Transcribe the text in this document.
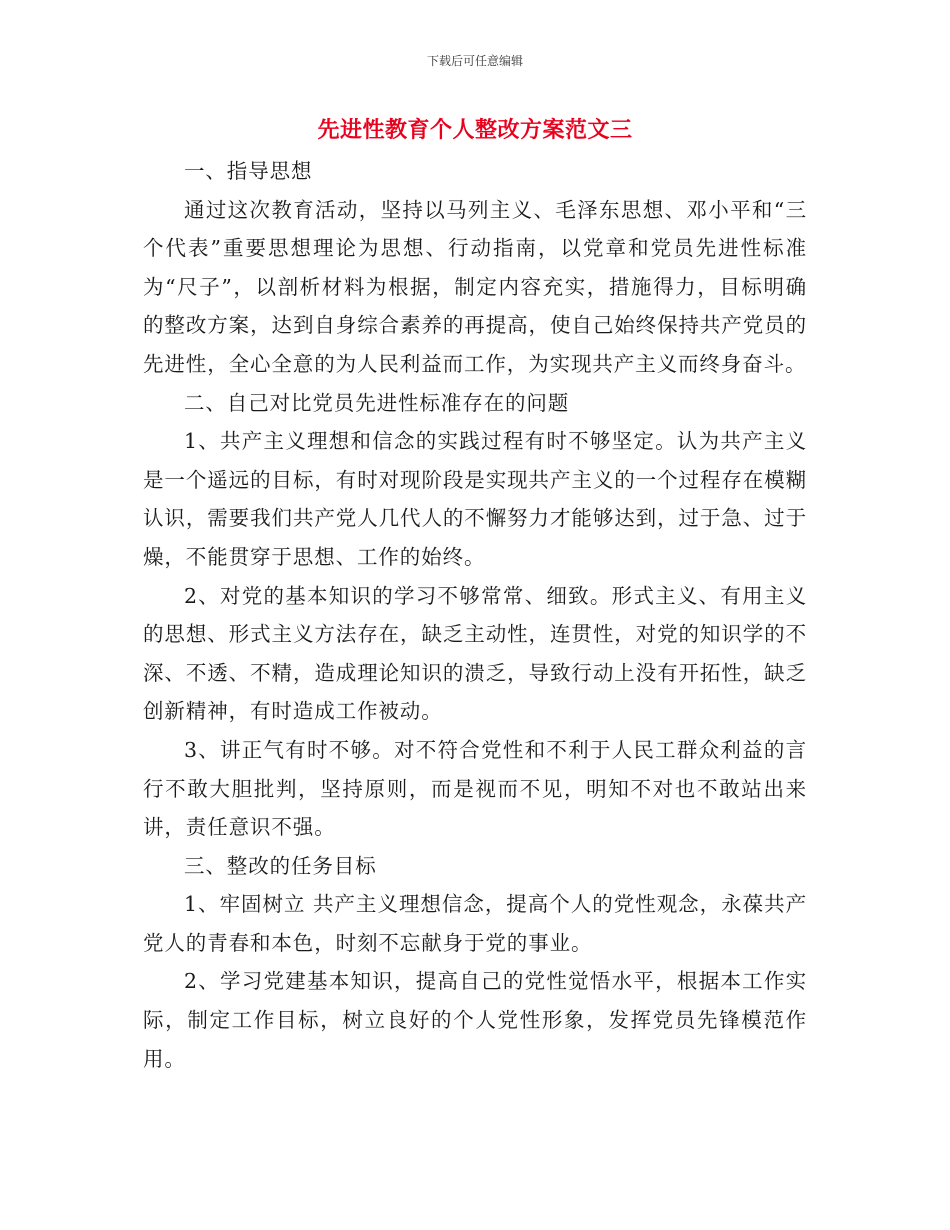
下载后可任意编辑
先进性教育个人整改方案范文三

一、指导思想

通过这次教育活动，坚持以马列主义、毛泽东思想、邓小平和“三个代表”重要思想理论为思想、行动指南，以党章和党员先进性标准为“尺子”，以剖析材料为根据，制定内容充实，措施得力，目标明确的整改方案，达到自身综合素养的再提高，使自己始终保持共产党员的先进性，全心全意的为人民利益而工作，为实现共产主义而终身奋斗。

二、自己对比党员先进性标准存在的问题

1、共产主义理想和信念的实践过程有时不够坚定。认为共产主义是一个遥远的目标，有时对现阶段是实现共产主义的一个过程存在模糊认识，需要我们共产党人几代人的不懈努力才能够达到，过于急、过于燥，不能贯穿于思想、工作的始终。

2、对党的基本知识的学习不够常常、细致。形式主义、有用主义的思想、形式主义方法存在，缺乏主动性，连贯性，对党的知识学的不深、不透、不精，造成理论知识的溃乏，导致行动上没有开拓性，缺乏创新精神，有时造成工作被动。

3、讲正气有时不够。对不符合党性和不利于人民工群众利益的言行不敢大胆批判，坚持原则，而是视而不见，明知不对也不敢站出来讲，责任意识不强。

三、整改的任务目标

1、牢固树立 共产主义理想信念，提高个人的党性观念，永葆共产党人的青春和本色，时刻不忘献身于党的事业。

2、学习党建基本知识，提高自己的党性觉悟水平，根据本工作实际，制定工作目标，树立良好的个人党性形象，发挥党员先锋模范作用。
